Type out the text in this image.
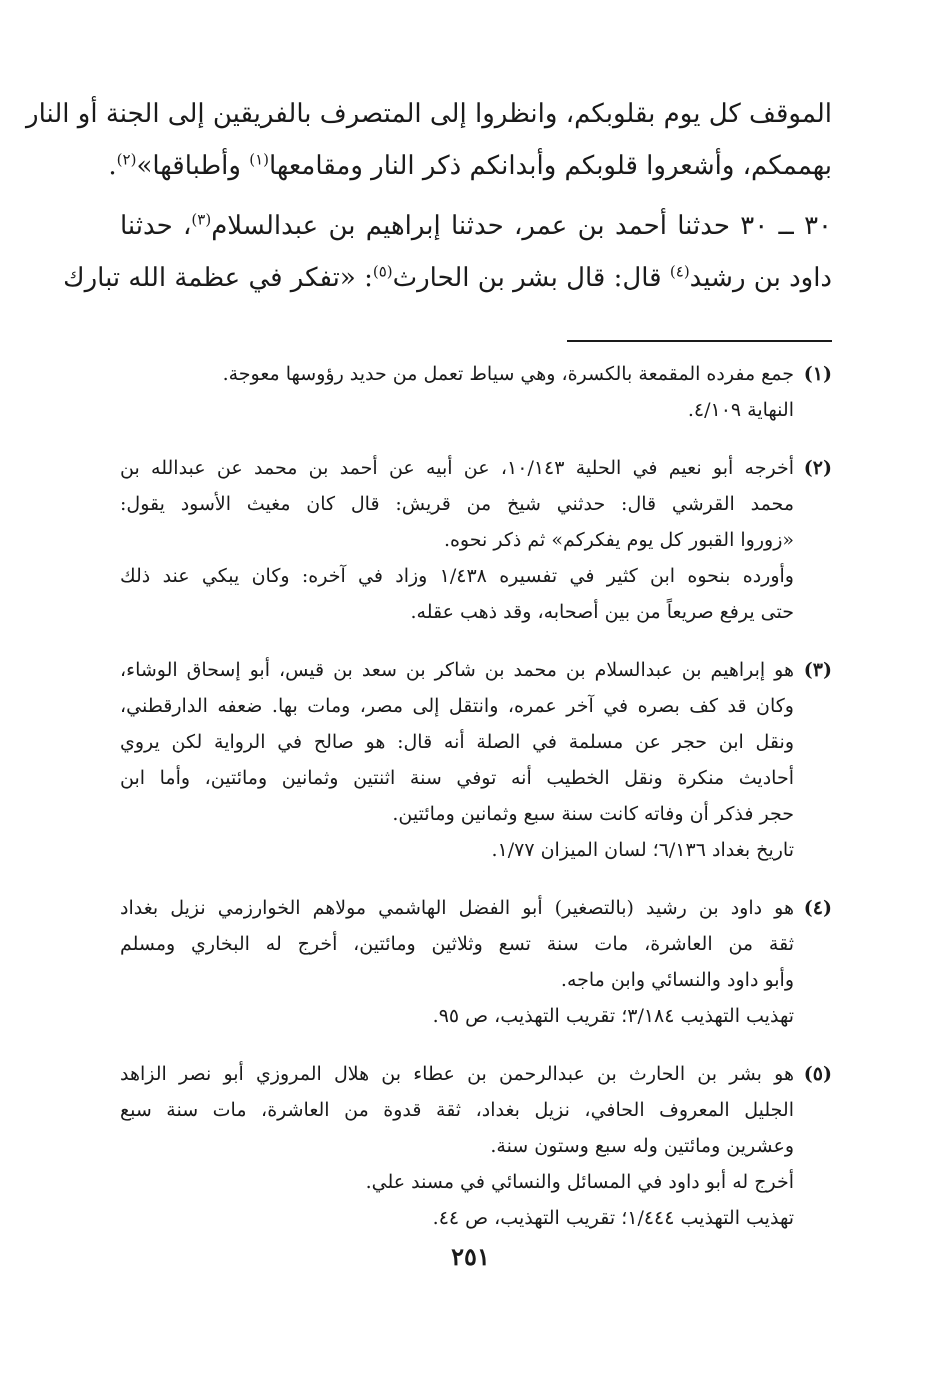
الموقف كل يوم بقلوبكم، وانظروا إلى المتصرف بالفريقين إلى الجنة أو النار
بهممكم، وأشعروا قلوبكم وأبدانكم ذكر النار ومقامعها$^{(١)}$ وأطباقها»$^{(٢)}$.
٣٠ ــ ٣٠ حدثنا أحمد بن عمر، حدثنا إبراهيم بن عبدالسلام$^{(٣)}$، حدثنا
داود بن رشيد$^{(٤)}$ قال: قال بشر بن الحارث$^{(٥)}$: «تفكر في عظمة الله تبارك
(١)
جمع مفرده المقمعة بالكسرة، وهي سياط تعمل من حديد رؤوسها معوجة.
النهاية ٤/١٠٩.
(٢)
أخرجه أبو نعيم في الحلية ١٠/١٤٣، عن أبيه عن أحمد بن محمد عن عبدالله بن
محمد القرشي قال: حدثني شيخ من قريش: قال كان مغيث الأسود يقول:
«زوروا القبور كل يوم يفكركم» ثم ذكر نحوه.
وأورده بنحوه ابن كثير في تفسيره ١/٤٣٨ وزاد في آخره: وكان يبكي عند ذلك
حتى يرفع صريعاً من بين أصحابه، وقد ذهب عقله.
(٣)
هو إبراهيم بن عبدالسلام بن محمد بن شاكر بن سعد بن قيس، أبو إسحاق الوشاء،
وكان قد كف بصره في آخر عمره، وانتقل إلى مصر، ومات بها. ضعفه الدارقطني،
ونقل ابن حجر عن مسلمة في الصلة أنه قال: هو صالح في الرواية لكن يروي
أحاديث منكرة ونقل الخطيب أنه توفي سنة اثنتين وثمانين ومائتين، وأما ابن
حجر فذكر أن وفاته كانت سنة سبع وثمانين ومائتين.
تاريخ بغداد ٦/١٣٦؛ لسان الميزان ١/٧٧.
(٤)
هو داود بن رشيد (بالتصغير) أبو الفضل الهاشمي مولاهم الخوارزمي نزيل بغداد
ثقة من العاشرة، مات سنة تسع وثلاثين ومائتين، أخرج له البخاري ومسلم
وأبو داود والنسائي وابن ماجه.
تهذيب التهذيب ٣/١٨٤؛ تقريب التهذيب، ص ٩٥.
(٥)
هو بشر بن الحارث بن عبدالرحمن بن عطاء بن هلال المروزي أبو نصر الزاهد
الجليل المعروف الحافي، نزيل بغداد، ثقة قدوة من العاشرة، مات سنة سبع
وعشرين ومائتين وله سبع وستون سنة.
أخرج له أبو داود في المسائل والنسائي في مسند علي.
تهذيب التهذيب ١/٤٤٤؛ تقريب التهذيب، ص ٤٤.
٢٥١
